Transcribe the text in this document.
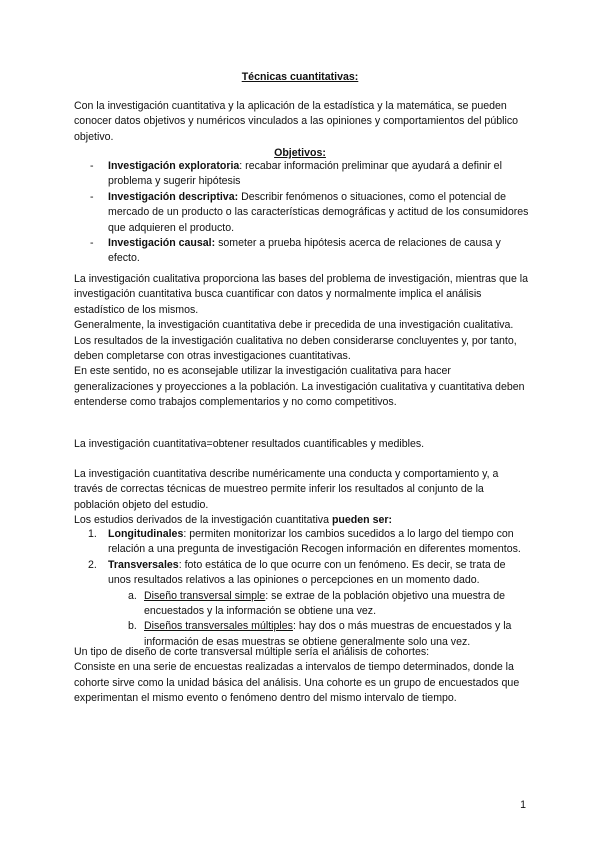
Técnicas cuantitativas:

Con la investigación cuantitativa y la aplicación de la estadística y la matemática, se pueden conocer datos objetivos y numéricos vinculados a las opiniones y comportamientos del público objetivo.

Objetivos:
- Investigación exploratoria: recabar información preliminar que ayudará a definir el problema y sugerir hipótesis
- Investigación descriptiva: Describir fenómenos o situaciones, como el potencial de mercado de un producto o las características demográficas y actitud de los consumidores que adquieren el producto.
- Investigación causal: someter a prueba hipótesis acerca de relaciones de causa y efecto.

La investigación cualitativa proporciona las bases del problema de investigación, mientras que la investigación cuantitativa busca cuantificar con datos y normalmente implica el análisis estadístico de los mismos.

Generalmente, la investigación cuantitativa debe ir precedida de una investigación cualitativa.

Los resultados de la investigación cualitativa no deben considerarse concluyentes y, por tanto, deben completarse con otras investigaciones cuantitativas.

En este sentido, no es aconsejable utilizar la investigación cualitativa para hacer generalizaciones y proyecciones a la población. La investigación cualitativa y cuantitativa deben entenderse como trabajos complementarios y no como competitivos.

La investigación cuantitativa=obtener resultados cuantificables y medibles.

La investigación cuantitativa describe numéricamente una conducta y comportamiento y, a través de correctas técnicas de muestreo permite inferir los resultados al conjunto de la población objeto del estudio.

Los estudios derivados de la investigación cuantitativa pueden ser:

1. Longitudinales: permiten monitorizar los cambios sucedidos a lo largo del tiempo con relación a una pregunta de investigación Recogen información en diferentes momentos.
2. Transversales: foto estática de lo que ocurre con un fenómeno. Es decir, se trata de unos resultados relativos a las opiniones o percepciones en un momento dado.
a. Diseño transversal simple: se extrae de la población objetivo una muestra de encuestados y la información se obtiene una vez.
b. Diseños transversales múltiples: hay dos o más muestras de encuestados y la información de esas muestras se obtiene generalmente solo una vez.

Un tipo de diseño de corte transversal múltiple sería el análisis de cohortes:

Consiste en una serie de encuestas realizadas a intervalos de tiempo determinados, donde la cohorte sirve como la unidad básica del análisis. Una cohorte es un grupo de encuestados que experimentan el mismo evento o fenómeno dentro del mismo intervalo de tiempo.

1
